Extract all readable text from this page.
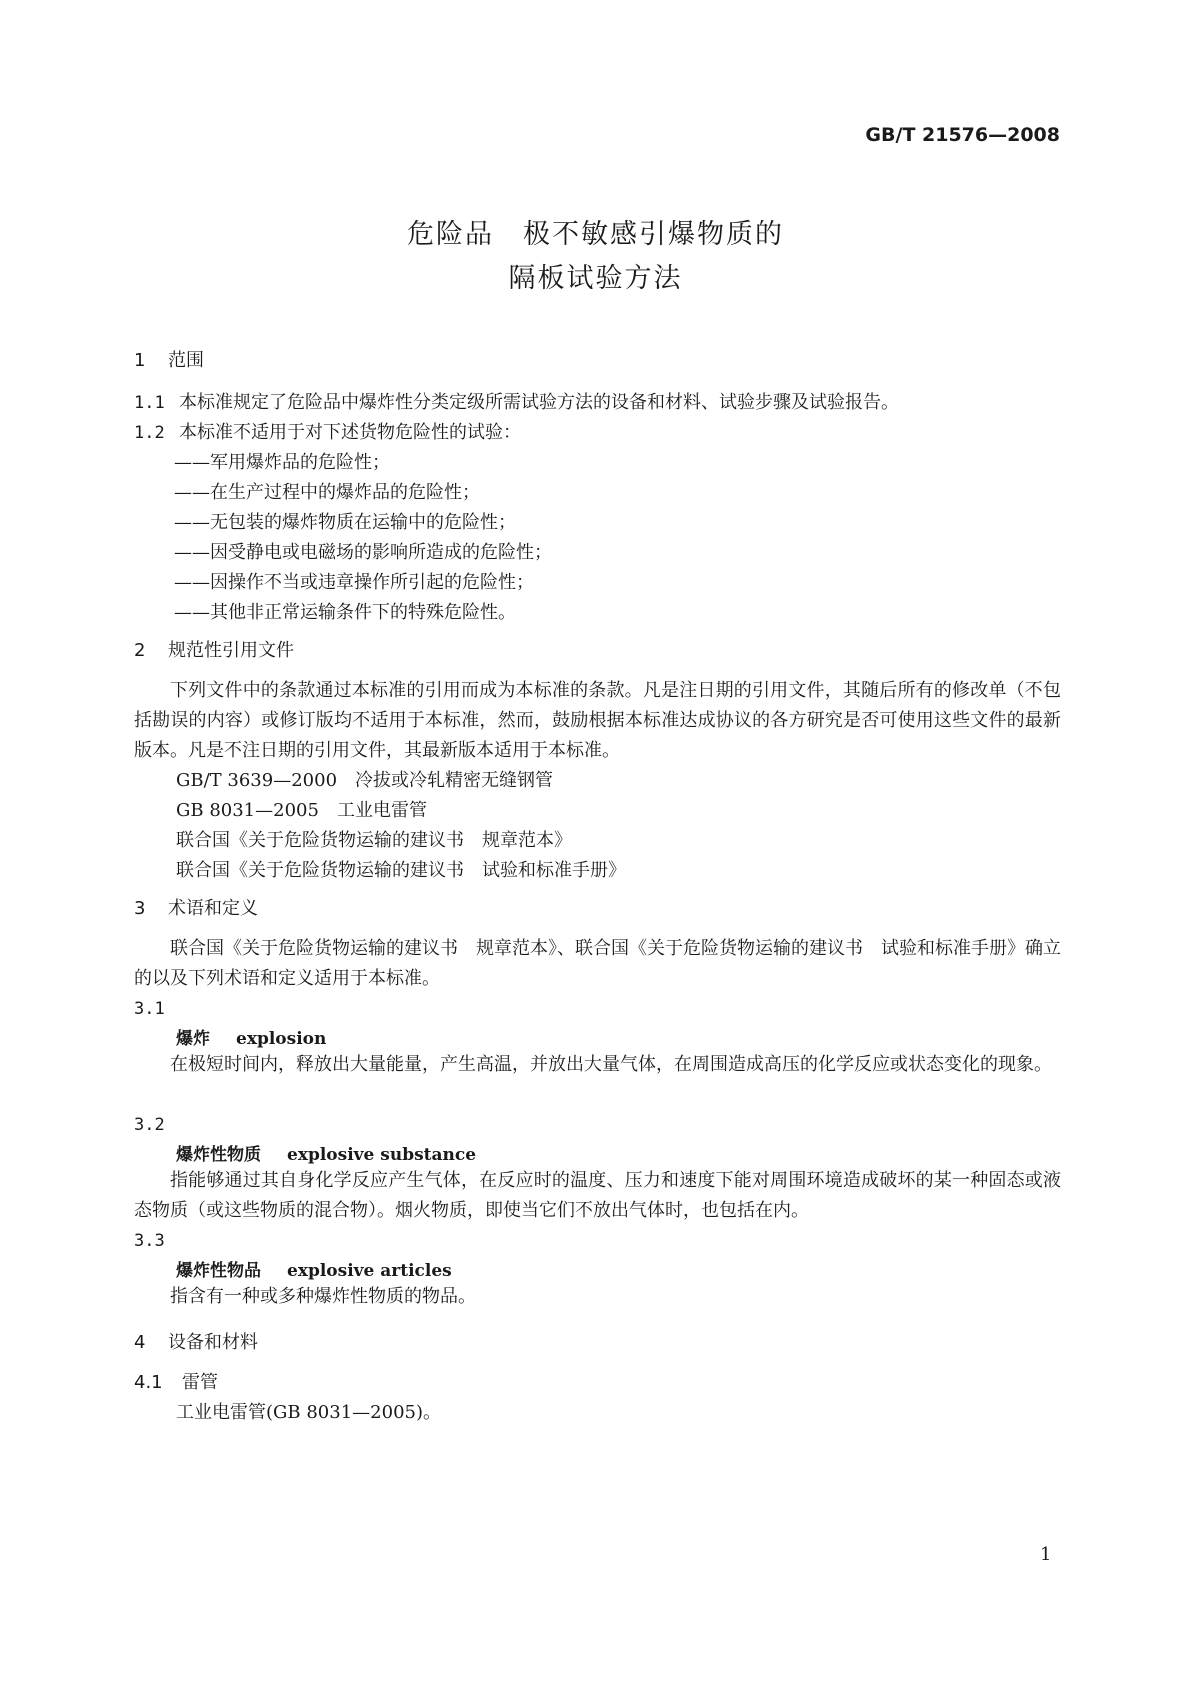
GB/T 21576—2008
危险品　极不敏感引爆物质的
隔板试验方法
1 范围
1.1 本标准规定了危险品中爆炸性分类定级所需试验方法的设备和材料、试验步骤及试验报告。
1.2 本标准不适用于对下述货物危险性的试验：
——军用爆炸品的危险性；
——在生产过程中的爆炸品的危险性；
——无包装的爆炸物质在运输中的危险性；
——因受静电或电磁场的影响所造成的危险性；
——因操作不当或违章操作所引起的危险性；
——其他非正常运输条件下的特殊危险性。
2 规范性引用文件
下列文件中的条款通过本标准的引用而成为本标准的条款。凡是注日期的引用文件，其随后所有的修改单（不包括勘误的内容）或修订版均不适用于本标准，然而，鼓励根据本标准达成协议的各方研究是否可使用这些文件的最新版本。凡是不注日期的引用文件，其最新版本适用于本标准。
GB/T 3639—2000　冷拔或冷轧精密无缝钢管
GB 8031—2005　工业电雷管
联合国《关于危险货物运输的建议书　规章范本》
联合国《关于危险货物运输的建议书　试验和标准手册》
3 术语和定义
联合国《关于危险货物运输的建议书　规章范本》、联合国《关于危险货物运输的建议书　试验和标准手册》确立的以及下列术语和定义适用于本标准。
3.1
爆炸 explosion
在极短时间内，释放出大量能量，产生高温，并放出大量气体，在周围造成高压的化学反应或状态变化的现象。
3.2
爆炸性物质 explosive substance
指能够通过其自身化学反应产生气体，在反应时的温度、压力和速度下能对周围环境造成破坏的某一种固态或液态物质（或这些物质的混合物）。烟火物质，即使当它们不放出气体时，也包括在内。
3.3
爆炸性物品 explosive articles
指含有一种或多种爆炸性物质的物品。
4 设备和材料
4.1 雷管
工业电雷管(GB 8031—2005)。
1
